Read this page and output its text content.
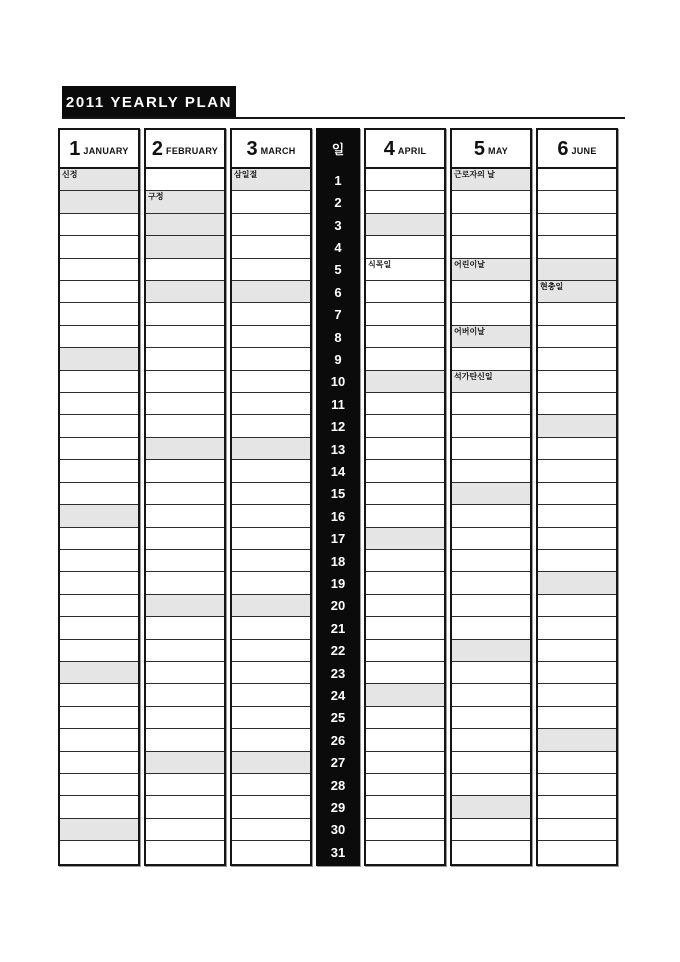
2011 YEARLY PLAN
1 JANUARY
신정
2 FEBRUARY
구정
3 MARCH
삼일절
일
1
2
3
4
5
6
7
8
9
10
11
12
13
14
15
16
17
18
19
20
21
22
23
24
25
26
27
28
29
30
31
4 APRIL
식목일
5 MAY
근로자의 날
어린이날
어버이날
석가탄신일
6 JUNE
현충일
